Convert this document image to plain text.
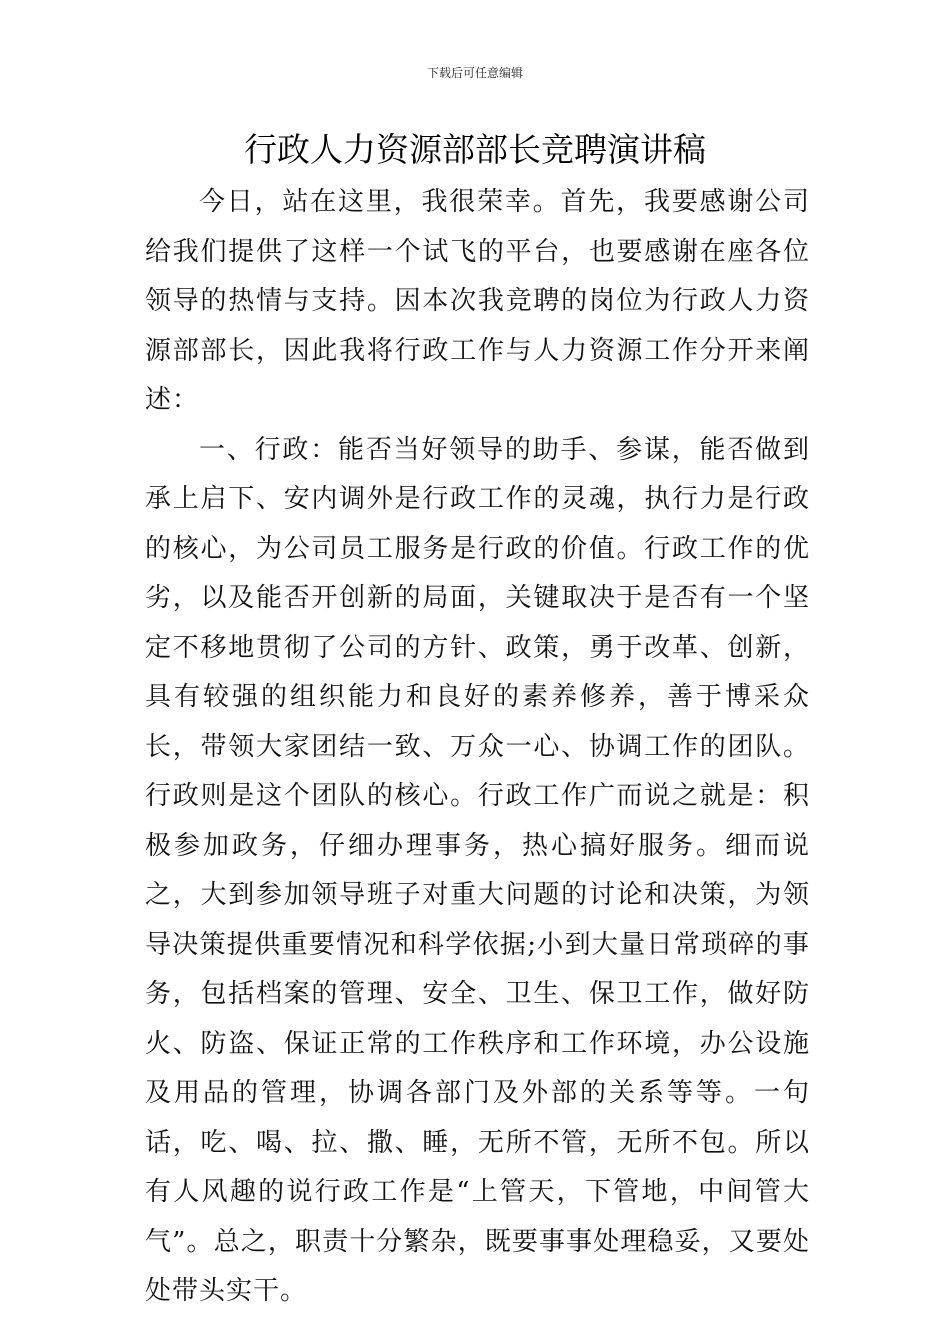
下载后可任意编辑
行政人力资源部部长竞聘演讲稿

今日，站在这里，我很荣幸。首先，我要感谢公司给我们提供了这样一个试飞的平台，也要感谢在座各位领导的热情与支持。因本次我竞聘的岗位为行政人力资源部部长，因此我将行政工作与人力资源工作分开来阐述：

一、行政：能否当好领导的助手、参谋，能否做到承上启下、安内调外是行政工作的灵魂，执行力是行政的核心，为公司员工服务是行政的价值。行政工作的优劣，以及能否开创新的局面，关键取决于是否有一个坚定不移地贯彻了公司的方针、政策，勇于改革、创新，具有较强的组织能力和良好的素养修养，善于博采众长，带领大家团结一致、万众一心、协调工作的团队。行政则是这个团队的核心。行政工作广而说之就是：积极参加政务，仔细办理事务，热心搞好服务。细而说之，大到参加领导班子对重大问题的讨论和决策，为领导决策提供重要情况和科学依据;小到大量日常琐碎的事务，包括档案的管理、安全、卫生、保卫工作，做好防火、防盗、保证正常的工作秩序和工作环境，办公设施及用品的管理，协调各部门及外部的关系等等。一句话，吃、喝、拉、撒、睡，无所不管，无所不包。所以有人风趣的说行政工作是“上管天，下管地，中间管大气”。总之，职责十分繁杂，既要事事处理稳妥，又要处处带头实干。
